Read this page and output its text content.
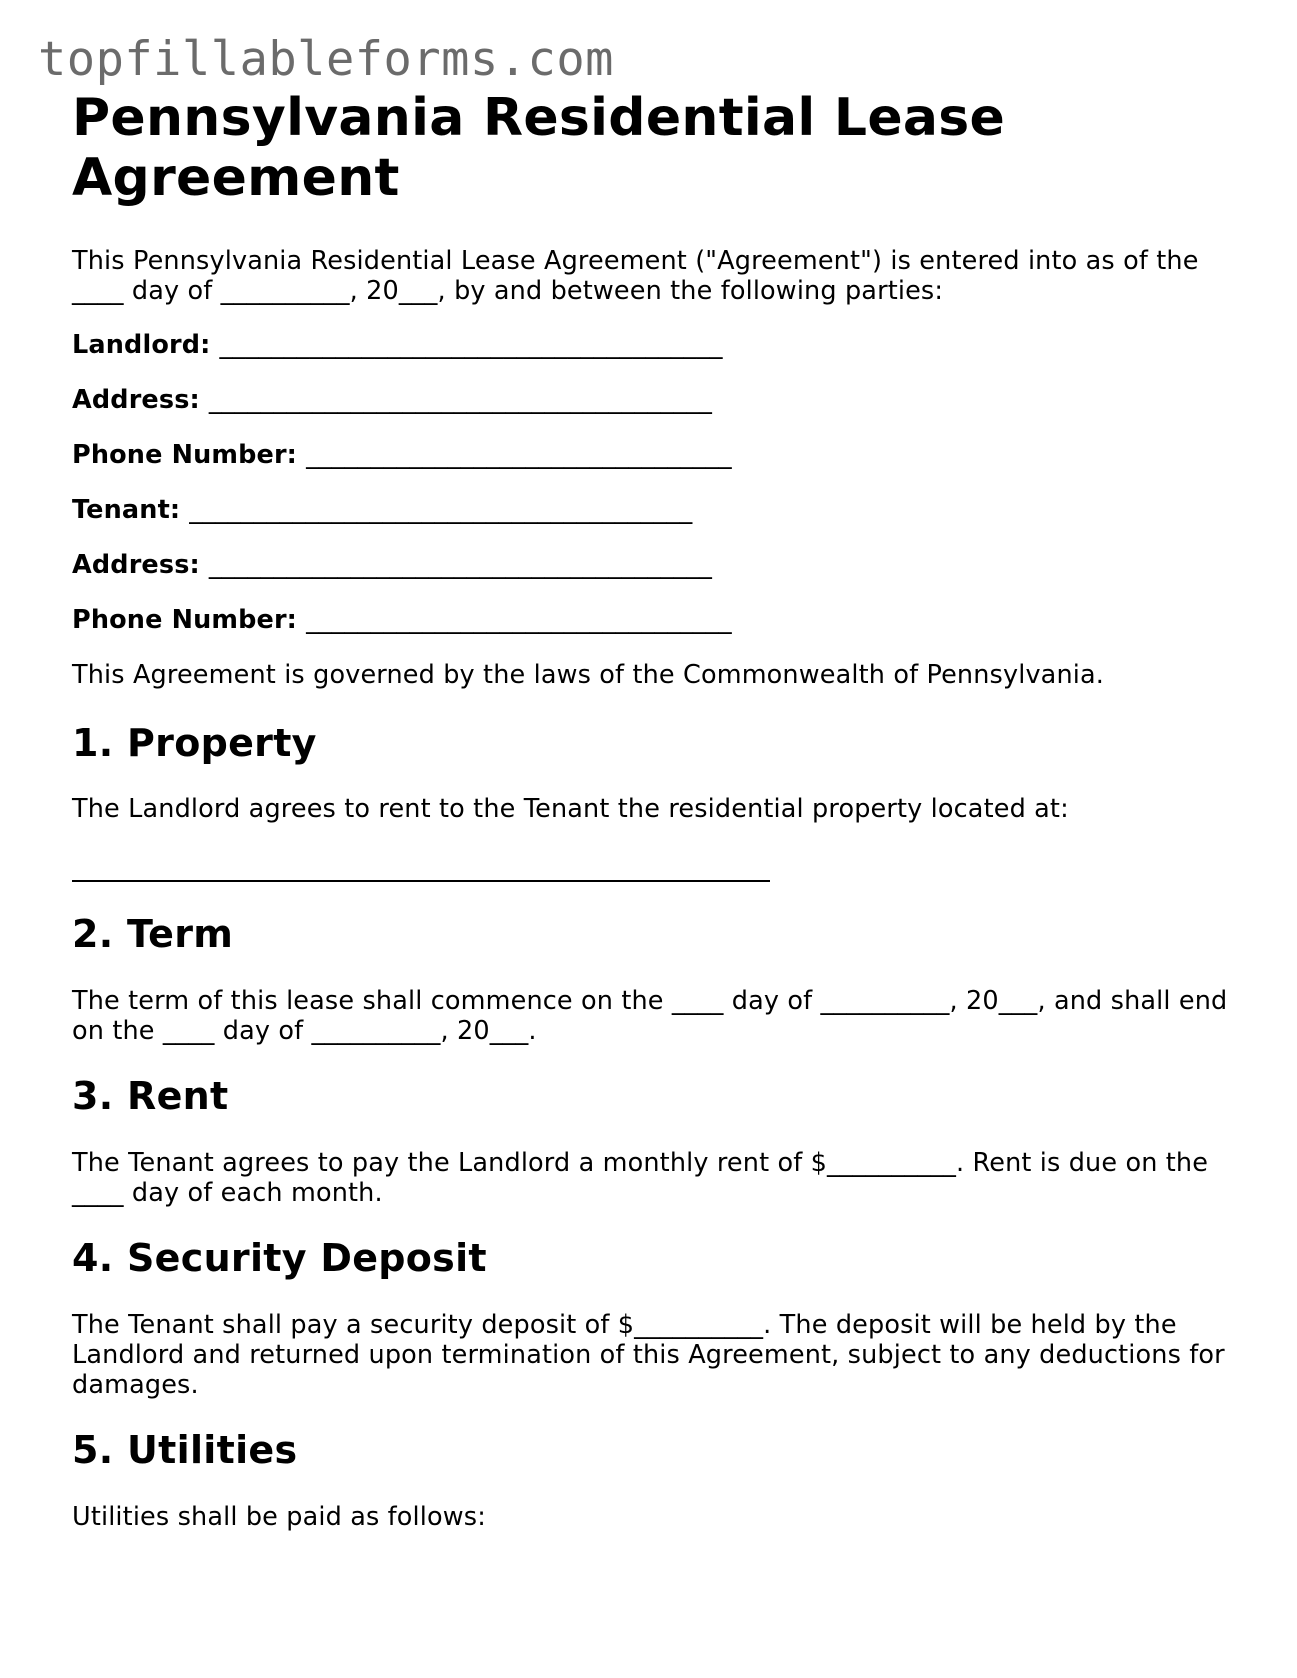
topfillableforms.com
Pennsylvania Residential Lease Agreement

This Pennsylvania Residential Lease Agreement ("Agreement") is entered into as of the ____ day of __________, 20___, by and between the following parties:

Landlord: _______________________________________
Address: _______________________________________
Phone Number: _________________________________
Tenant: _______________________________________
Address: _______________________________________
Phone Number: _________________________________

This Agreement is governed by the laws of the Commonwealth of Pennsylvania.

1. Property

The Landlord agrees to rent to the Tenant the residential property located at:

2. Term

The term of this lease shall commence on the ____ day of __________, 20___, and shall end on the ____ day of __________, 20___.

3. Rent

The Tenant agrees to pay the Landlord a monthly rent of $__________. Rent is due on the ____ day of each month.

4. Security Deposit

The Tenant shall pay a security deposit of $__________. The deposit will be held by the Landlord and returned upon termination of this Agreement, subject to any deductions for damages.

5. Utilities

Utilities shall be paid as follows:
